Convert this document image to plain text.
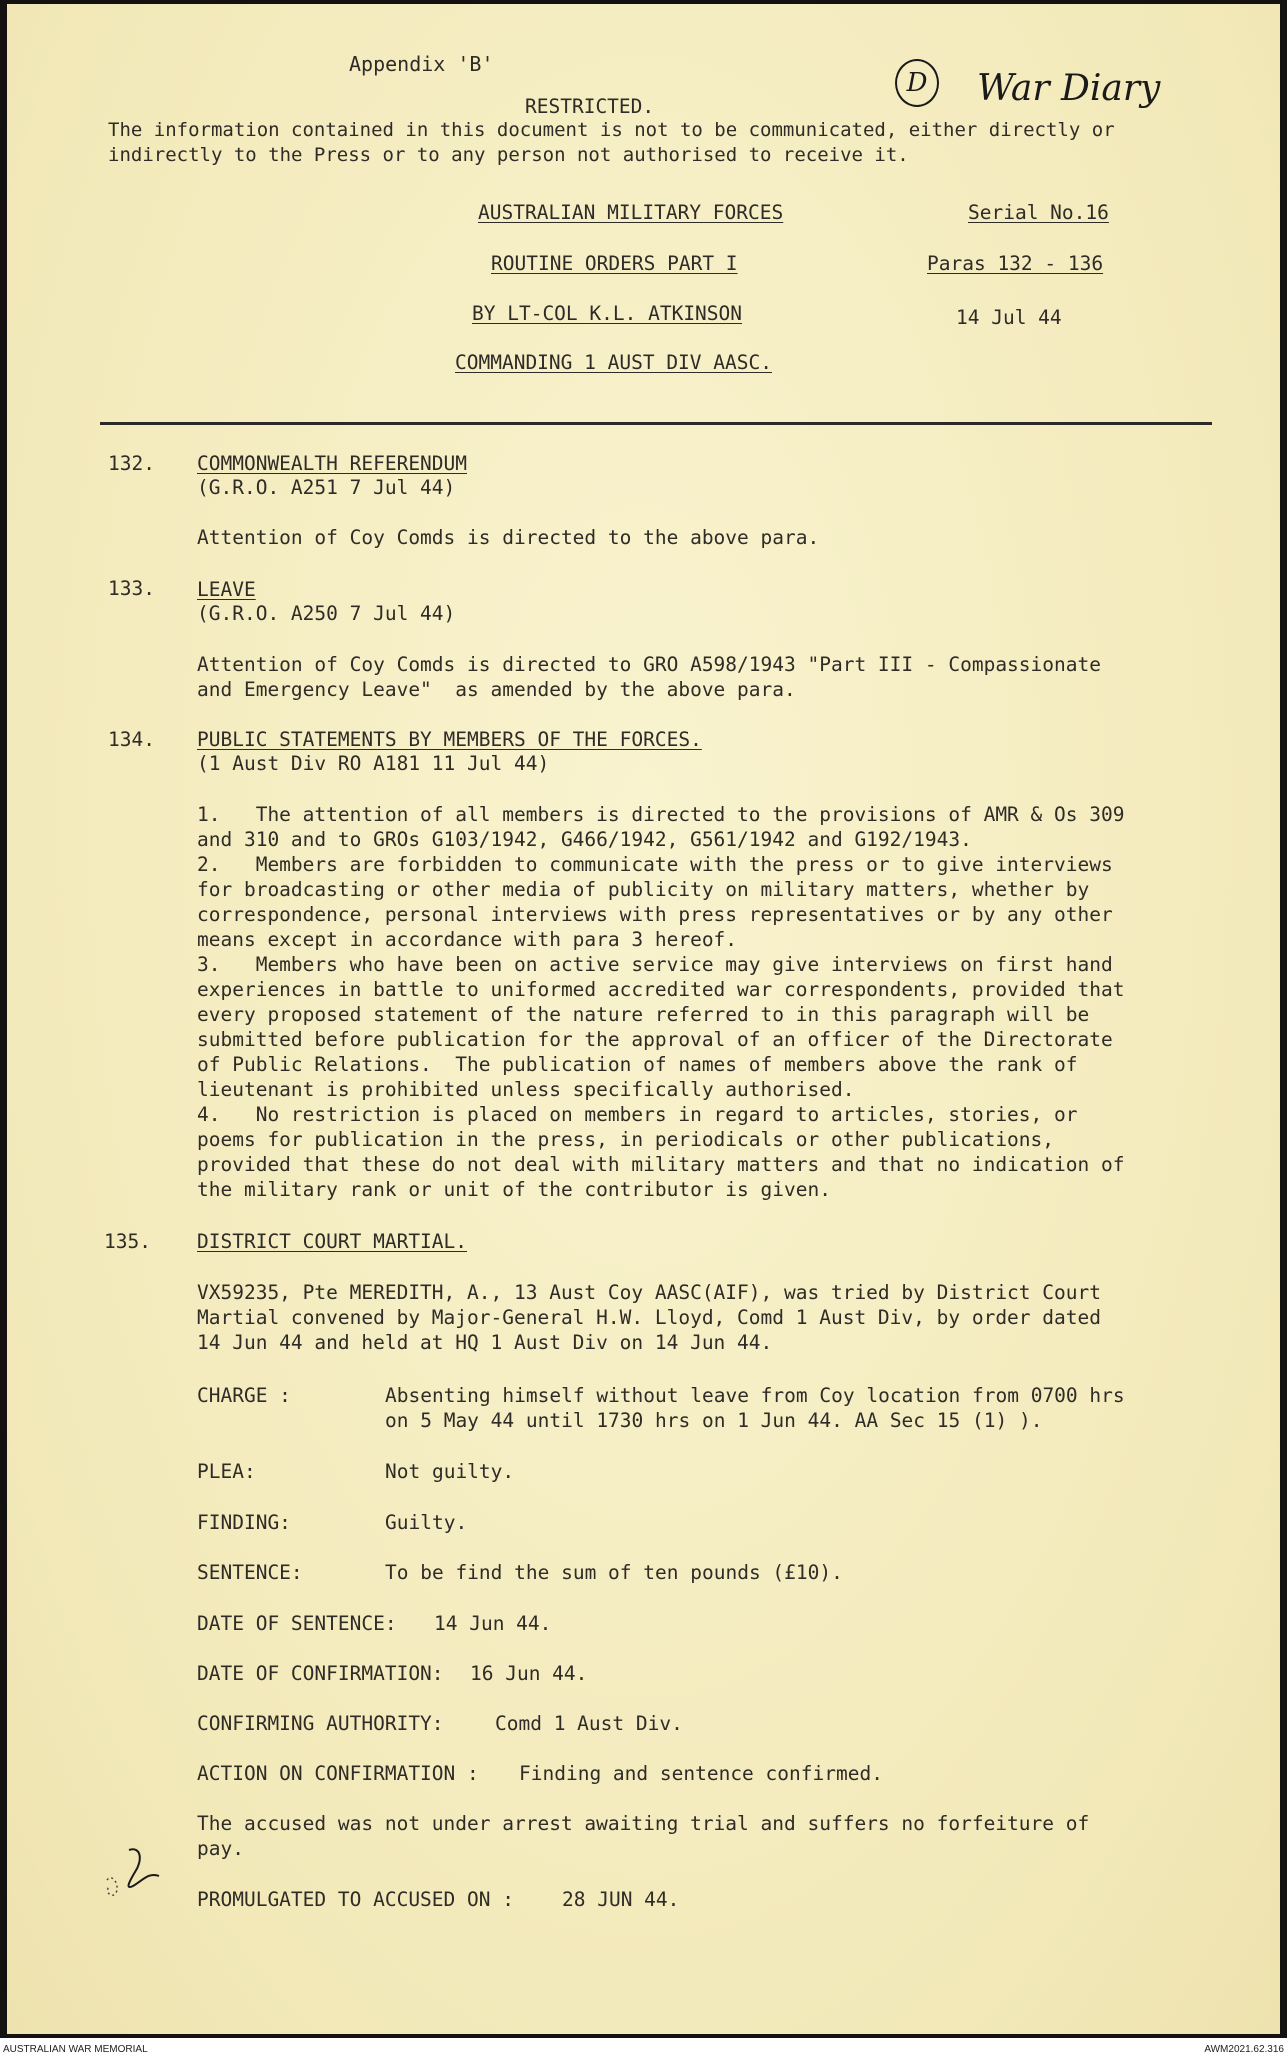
Appendix 'B'
D	War Diary
RESTRICTED.
The information contained in this document is not to be communicated, either directly or
indirectly to the Press or to any person not authorised to receive it.
AUSTRALIAN MILITARY FORCES	Serial No.16
ROUTINE ORDERS PART I	Paras 132 - 136
BY LT-COL K.L. ATKINSON	14 Jul 44
COMMANDING 1 AUST DIV AASC.
132. COMMONWEALTH REFERENDUM
(G.R.O. A251 7 Jul 44)
Attention of Coy Comds is directed to the above para.
133. LEAVE
(G.R.O. A250 7 Jul 44)
Attention of Coy Comds is directed to GRO A598/1943 "Part III - Compassionate
and Emergency Leave"  as amended by the above para.
134. PUBLIC STATEMENTS BY MEMBERS OF THE FORCES.
(1 Aust Div RO A181 11 Jul 44)
1.   The attention of all members is directed to the provisions of AMR & Os 309
and 310 and to GROs G103/1942, G466/1942, G561/1942 and G192/1943.
2.   Members are forbidden to communicate with the press or to give interviews
for broadcasting or other media of publicity on military matters, whether by
correspondence, personal interviews with press representatives or by any other
means except in accordance with para 3 hereof.
3.   Members who have been on active service may give interviews on first hand
experiences in battle to uniformed accredited war correspondents, provided that
every proposed statement of the nature referred to in this paragraph will be
submitted before publication for the approval of an officer of the Directorate
of Public Relations.  The publication of names of members above the rank of
lieutenant is prohibited unless specifically authorised.
4.   No restriction is placed on members in regard to articles, stories, or
poems for publication in the press, in periodicals or other publications,
provided that these do not deal with military matters and that no indication of
the military rank or unit of the contributor is given.
135. DISTRICT COURT MARTIAL.
VX59235, Pte MEREDITH, A., 13 Aust Coy AASC(AIF), was tried by District Court
Martial convened by Major-General H.W. Lloyd, Comd 1 Aust Div, by order dated
14 Jun 44 and held at HQ 1 Aust Div on 14 Jun 44.
CHARGE :	Absenting himself without leave from Coy location from 0700 hrs
on 5 May 44 until 1730 hrs on 1 Jun 44. AA Sec 15 (1) ).
PLEA:	Not guilty.
FINDING:	Guilty.
SENTENCE:	To be find the sum of ten pounds (£10).
DATE OF SENTENCE: 14 Jun 44.
DATE OF CONFIRMATION: 16 Jun 44.
CONFIRMING AUTHORITY:	Comd 1 Aust Div.
ACTION ON CONFIRMATION : Finding and sentence confirmed.
The accused was not under arrest awaiting trial and suffers no forfeiture of
pay.
PROMULGATED TO ACCUSED ON : 28 JUN 44.
AUSTRALIAN WAR MEMORIAL	AWM2021.62.316
